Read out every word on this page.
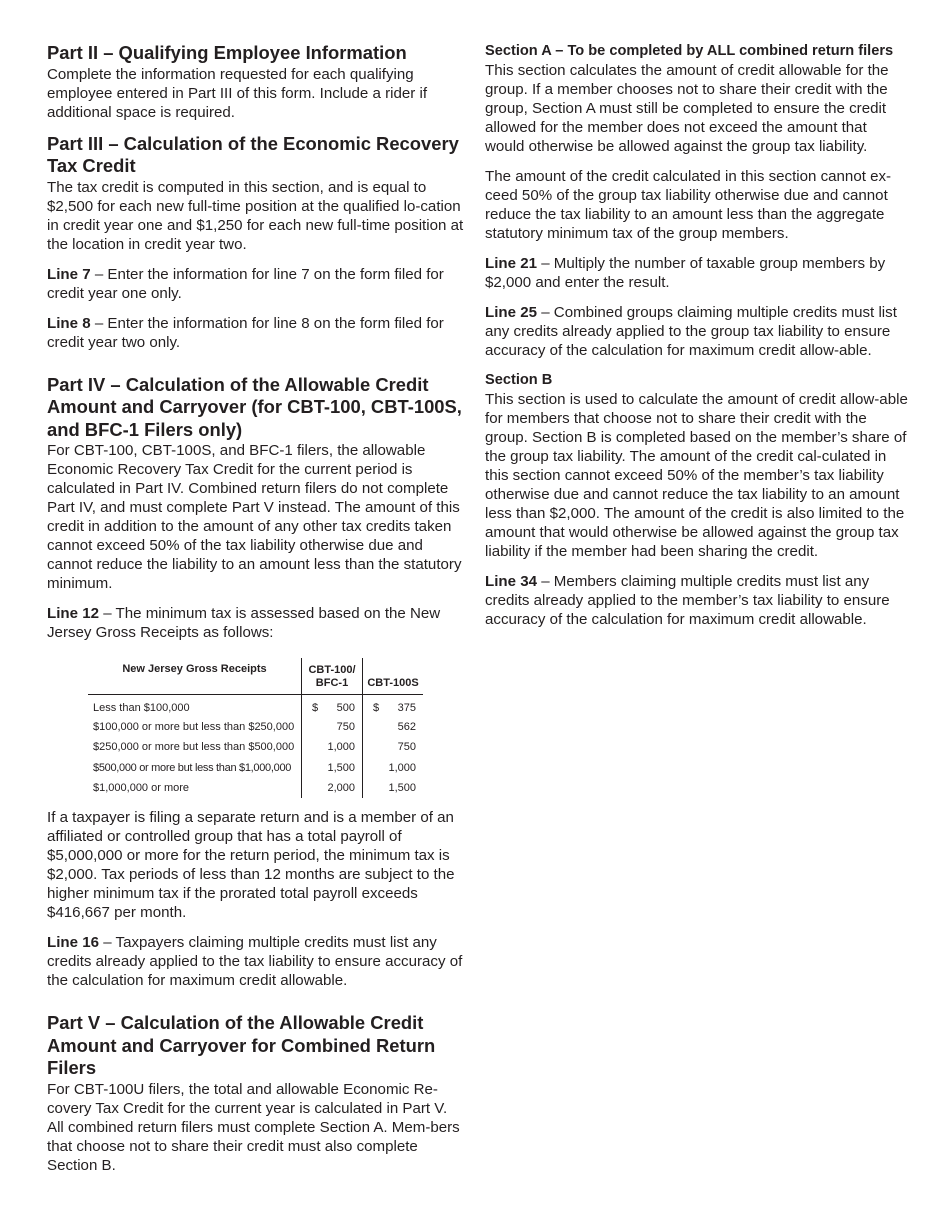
Part II – Qualifying Employee Information

Complete the information requested for each qualifying employee entered in Part III of this form. Include a rider if additional space is required.

Part III – Calculation of the Economic Recovery Tax Credit

The tax credit is computed in this section, and is equal to $2,500 for each new full-time position at the qualified lo-cation in credit year one and $1,250 for each new full-time position at the location in credit year two.

Line 7 – Enter the information for line 7 on the form filed for credit year one only.

Line 8 – Enter the information for line 8 on the form filed for credit year two only.

Part IV – Calculation of the Allowable Credit Amount and Carryover (for CBT-100, CBT-100S, and BFC-1 Filers only)

For CBT-100, CBT-100S, and BFC-1 filers, the allowable Economic Recovery Tax Credit for the current period is calculated in Part IV. Combined return filers do not complete Part IV, and must complete Part V instead. The amount of this credit in addition to the amount of any other tax credits taken cannot exceed 50% of the tax liability otherwise due and cannot reduce the liability to an amount less than the statutory minimum.

Line 12 – The minimum tax is assessed based on the New Jersey Gross Receipts as follows:

New Jersey Gross Receipts	CBT-100/ BFC-1	CBT-100S
Less than $100,000	$ 500	$ 375
$100,000 or more but less than $250,000	750	562
$250,000 or more but less than $500,000	1,000	750
$500,000 or more but less than $1,000,000	1,500	1,000
$1,000,000 or more	2,000	1,500

If a taxpayer is filing a separate return and is a member of an affiliated or controlled group that has a total payroll of $5,000,000 or more for the return period, the minimum tax is $2,000. Tax periods of less than 12 months are subject to the higher minimum tax if the prorated total payroll exceeds $416,667 per month.

Line 16 – Taxpayers claiming multiple credits must list any credits already applied to the tax liability to ensure accuracy of the calculation for maximum credit allowable.

Part V – Calculation of the Allowable Credit Amount and Carryover for Combined Return Filers

For CBT-100U filers, the total and allowable Economic Re-covery Tax Credit for the current year is calculated in Part V. All combined return filers must complete Section A. Mem-bers that choose not to share their credit must also complete Section B.

Section A – To be completed by ALL combined return filers

This section calculates the amount of credit allowable for the group. If a member chooses not to share their credit with the group, Section A must still be completed to ensure the credit allowed for the member does not exceed the amount that would otherwise be allowed against the group tax liability.

The amount of the credit calculated in this section cannot ex-ceed 50% of the group tax liability otherwise due and cannot reduce the tax liability to an amount less than the aggregate statutory minimum tax of the group members.

Line 21 – Multiply the number of taxable group members by $2,000 and enter the result.

Line 25 – Combined groups claiming multiple credits must list any credits already applied to the group tax liability to ensure accuracy of the calculation for maximum credit allow-able.

Section B

This section is used to calculate the amount of credit allow-able for members that choose not to share their credit with the group. Section B is completed based on the member’s share of the group tax liability. The amount of the credit cal-culated in this section cannot exceed 50% of the member’s tax liability otherwise due and cannot reduce the tax liability to an amount less than $2,000. The amount of the credit is also limited to the amount that would otherwise be allowed against the group tax liability if the member had been sharing the credit.

Line 34 – Members claiming multiple credits must list any credits already applied to the member’s tax liability to ensure accuracy of the calculation for maximum credit allowable.
